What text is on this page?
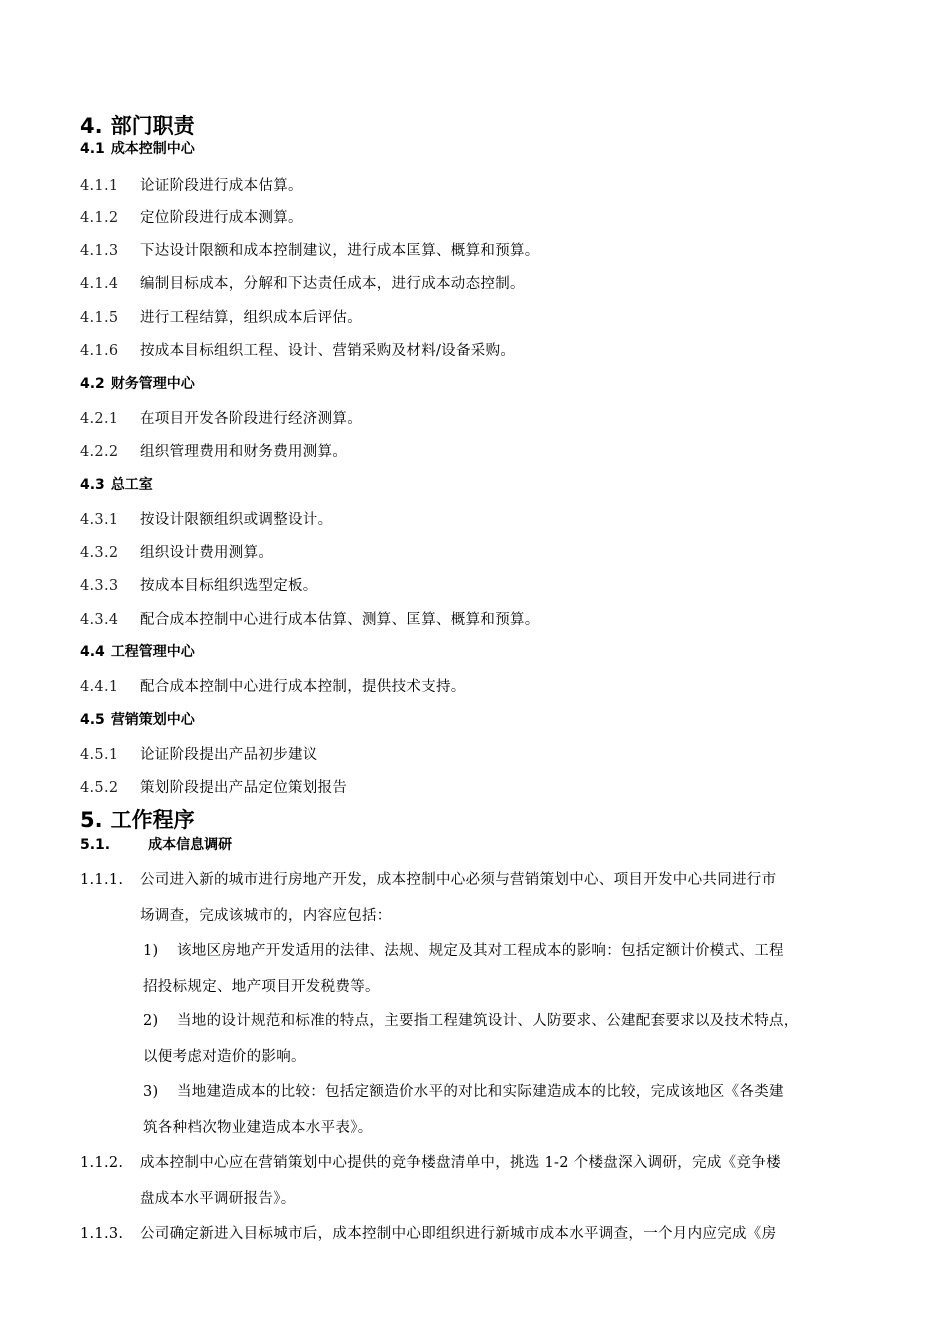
4. 部门职责
4.1 成本控制中心
4.1.1 论证阶段进行成本估算。
4.1.2 定位阶段进行成本测算。
4.1.3 下达设计限额和成本控制建议，进行成本匡算、概算和预算。
4.1.4 编制目标成本，分解和下达责任成本，进行成本动态控制。
4.1.5 进行工程结算，组织成本后评估。
4.1.6 按成本目标组织工程、设计、营销采购及材料/设备采购。
4.2 财务管理中心
4.2.1 在项目开发各阶段进行经济测算。
4.2.2 组织管理费用和财务费用测算。
4.3 总工室
4.3.1 按设计限额组织或调整设计。
4.3.2 组织设计费用测算。
4.3.3 按成本目标组织选型定板。
4.3.4 配合成本控制中心进行成本估算、测算、匡算、概算和预算。
4.4 工程管理中心
4.4.1 配合成本控制中心进行成本控制，提供技术支持。
4.5 营销策划中心
4.5.1 论证阶段提出产品初步建议
4.5.2 策划阶段提出产品定位策划报告
5. 工作程序
5.1.	成本信息调研
1.1.1. 公司进入新的城市进行房地产开发，成本控制中心必须与营销策划中心、项目开发中心共同进行市
场调查，完成该城市的，内容应包括：
1) 该地区房地产开发适用的法律、法规、规定及其对工程成本的影响：包括定额计价模式、工程
招投标规定、地产项目开发税费等。
2) 当地的设计规范和标准的特点，主要指工程建筑设计、人防要求、公建配套要求以及技术特点，
以便考虑对造价的影响。
3) 当地建造成本的比较：包括定额造价水平的对比和实际建造成本的比较，完成该地区《各类建
筑各种档次物业建造成本水平表》。
1.1.2. 成本控制中心应在营销策划中心提供的竞争楼盘清单中，挑选 1-2 个楼盘深入调研，完成《竞争楼
盘成本水平调研报告》。
1.1.3. 公司确定新进入目标城市后，成本控制中心即组织进行新城市成本水平调查，一个月内应完成《房
